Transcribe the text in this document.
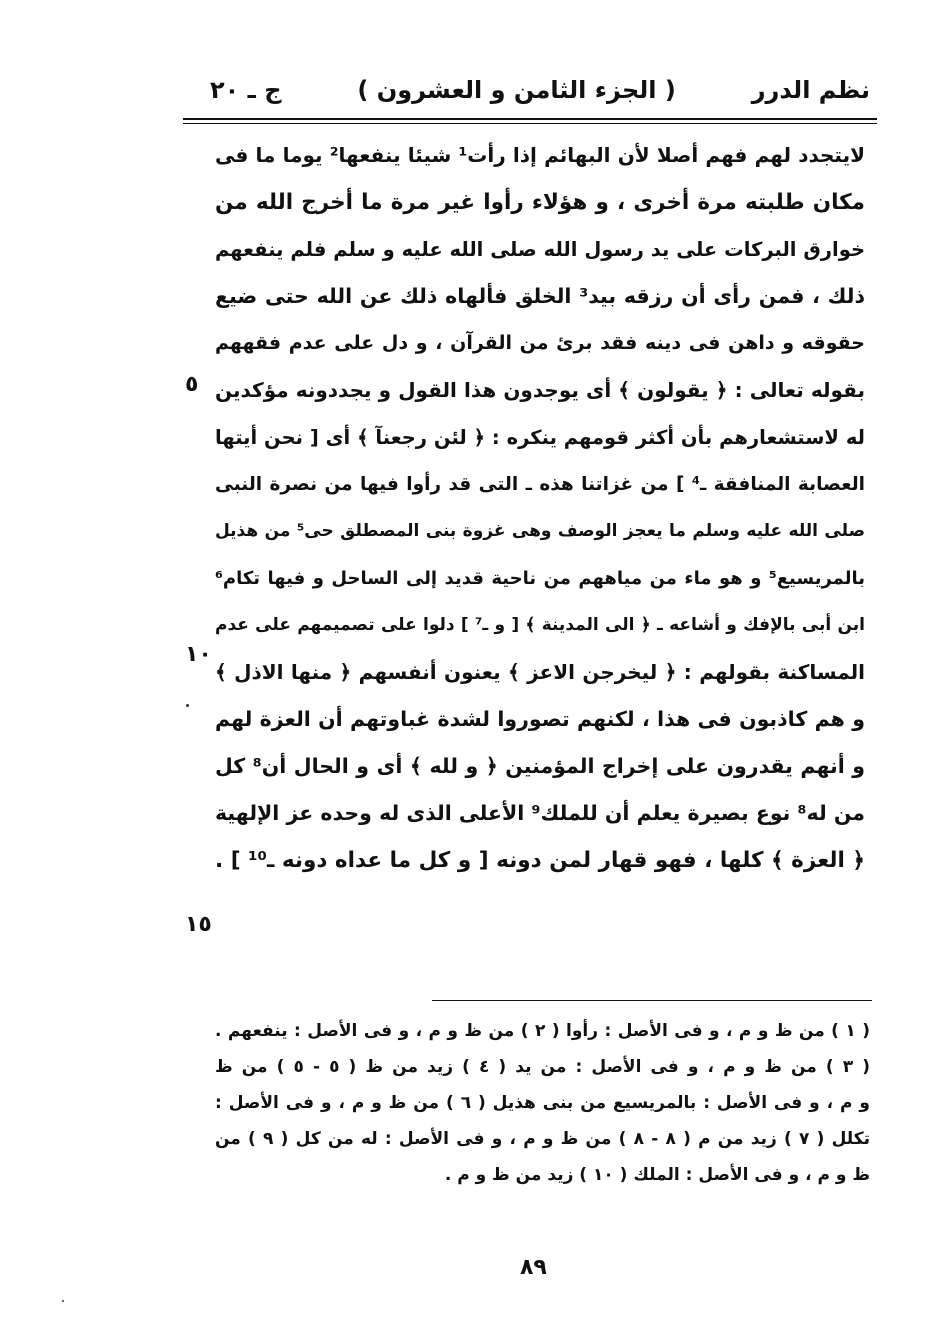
نظم الدرر
( الجزء الثامن و العشرون )
ج ـ ٢٠
لايتجدد لهم فهم أصلا لأن البهائم إذا رأت¹ شيئا ينفعها² يوما ما فى
مكان طلبته مرة أخرى ، و هؤلاء رأوا غير مرة ما أخرج الله من
خوارق البركات على يد رسول الله صلى الله عليه و سلم فلم ينفعهم
ذلك ، فمن رأى أن رزقه بيد³ الخلق فألهاه ذلك عن الله حتى ضيع
حقوقه و داهن فى دينه فقد برئ من القرآن ، و دل على عدم فقههم
بقوله تعالى : ﴿ يقولون ﴾ أى يوجدون هذا القول و يجددونه مؤكدين
له لاستشعارهم بأن أكثر قومهم ينكره : ﴿ لئن رجعنآ ﴾ أى [ نحن أيتها
العصابة المنافقة ـ⁴ ] من غزاتنا هذه ـ التى قد رأوا فيها من نصرة النبى
صلى الله عليه وسلم ما يعجز الوصف وهى غزوة بنى المصطلق حى⁵ من هذيل
بالمريسيع⁵ و هو ماء من مياههم من ناحية قديد إلى الساحل و فيها تكام⁶
ابن أبى بالإفك و أشاعه ـ ﴿ الى المدينة ﴾ [ و ـ⁷ ] دلوا على تصميمهم على عدم
المساكنة بقولهم : ﴿ ليخرجن الاعز ﴾ يعنون أنفسهم ﴿ منها الاذل ﴾
و هم كاذبون فى هذا ، لكنهم تصوروا لشدة غباوتهم أن العزة لهم
و أنهم يقدرون على إخراج المؤمنين ﴿ و لله ﴾ أى و الحال أن⁸ كل
من له⁸ نوع بصيرة يعلم أن للملك⁹ الأعلى الذى له وحده عز الإلهية
﴿ العزة ﴾ كلها ، فهو قهار لمن دونه [ و كل ما عداه دونه ـ¹⁰ ] .
٥
١٠
١٥
( ١ ) من ظ و م ، و فى الأصل : رأوا ( ٢ ) من ظ و م ، و فى الأصل : ينفعهم .
( ٣ ) من ظ و م ، و فى الأصل : من يد ( ٤ ) زيد من ظ ( ٥ - ٥ ) من ظ
و م ، و فى الأصل : بالمريسيع من بنى هذيل ( ٦ ) من ظ و م ، و فى الأصل :
تكلل ( ٧ ) زيد من م ( ٨ - ٨ ) من ظ و م ، و فى الأصل : له من كل ( ٩ ) من
ظ و م ، و فى الأصل : الملك ( ١٠ ) زيد من ظ و م .
٨٩
